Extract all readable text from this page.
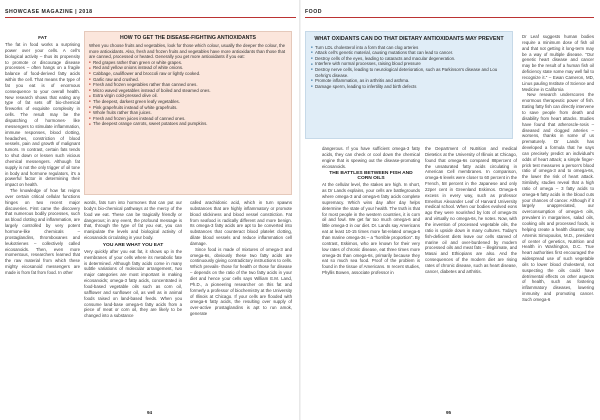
SHOWCASE MAGAZINE | 2018
FAT

The fat in food works a surprising power over your cells. A cell's biological activity – thus its propensity to promote or discourage disease processes – often hangs on a fragile balance of food-derived fatty acids within the cell. That means the type of fat you eat is of enormous consequence to your overall health. New research shows that eating any type of fat sets off bio-chemical fireworks of exquisite complexity in cells. The result may be the dispatching of hormones- like messengers to stimulate inflammation, immune responses, blood clotting, headaches, constriction of blood vessels, pain and growth of malignant tumors. In contrast, certain fats tends to shut down or lessen such vicious chemical messengers. Although fat supply is not the only trigger of oil tone in body and hormone regulators, it's a powerful factor in determining their impact on health.

The knowledge of how fat reigns over certain critical cellular functions hinges on two recent major discoveries. First came the discovery that numerous bodily processes, such as blood clotting and inflammation, are largely controlled by very potent hormone-like chemicals – prostaglandins, thromboxanes and leukotrienes – collectively called eicosanoids. Then, even more momentous, researchers learned that the raw material from which these mighty eicosanoid messengers are made is from fat from food. In other

HOW TO GET THE DISEASE-FIGHTING ANTIOXIDANTS
When you choose fruits and vegetables, look for those which colour, usually the deeper the colour, the more antioxidants. Also, fresh and frozen fruits and vegetables have more antioxidants than those that are canned, processed or heated. Generally you get more antioxidants if you eat:
■ Red grapes rather than green or white grapes.
■ Red and yellow onions instead of white onions.
■ Cabbage, cauliflower and broccoli raw or lightly cooked.
■ Garlic raw and crushed.
■ Fresh and frozen vegetables rather than canned ones.
■ Micro waved vegetables instead of boiled and steamed ones.
■ Extra virgin cold-pressed olive oil.
■ The deepest, darkest green leafy vegetables.
■ Pink grapefruits instead of white grapefruits.
■ Whole fruits rather than juices.
■ Fresh and frozen juices instead of canned ones.
■ The deepest orange carrots, sweet potatoes and pumpkins.

words, fats turn into hormones that can put our body's bio-chemical pathways at the mercy of the food we eat. These can be tragically friendly or dangerous; in any event, the profound message is that, through the type of fat you eat, you can manipulate the levels and biological activity of eicosanoids circulating in your body.

YOU ARE WHAT YOU EAT

Very quickly after you eat fat, it shows up in the membranes of your cells where its metabolic fate is determined. Although fatty acids come in many subtle variations of molecular arrangement, two major categories are most important in making eicosanoids; omega-3 fatty acids, concentrated in food-based vegetable oils such as corn oil, safflower and sunflower oil, as well as in animal foods raised on land-based feeds. When you consume land-base omega-6 fatty acids from a piece of meat or corn oil, they are likely to be changed into a substance

called arachidonic acid, which in turn spawns substances that are highly inflammatory or promote blood stickiness and blood vessel constriction. Fat from seafood is radically different and more benign. Its omega-3 fatty acids are apt to be converted into substances that counteract blood platelet clotting, dilate blood vessels and reduce inflammation cell damage.

Since food is made of mixtures of omega-3 and omega-6s, obviously these two fatty acids are continuously giving contradictory instructions to cells. Which prevails- those for health or those for disease – depends on the ratio of the two fatty acids in your diet and hence your cells says William E.M. Land, Ph.D., a pioneering researcher on this fat and formerly a professor of biochemistry at the University of Illinois at Chicago. If your cells are flooded with omega-6 fatty acids, the resulting over supply of over-active prostaglandins is apt to run amok, generate

94
FOOD
WHAT OXIDANTS CAN DO THAT DIETARY ANTIOXIDANTS MAY PREVENT
■ Turn LDL cholesterol into a form that can clog arteries
■ Attack cell's genetic material, causing mutations that can lead to cancer.
■ Destroy cells of the eyes, leading to cataracts and macular degeneration.
■ Interfere with normal processes, raising blood pressure
■ Destroy nerve cells, leading to neurological deterioration, such as Parkinson's disease and Lou Gehrig's disease.
■ Promote inflammation, as in arthritis and asthma.
■ Damage sperm, leading to infertility and birth defects

dangerous. If you have sufficient omega-3 fatty acids, they can check or cool down the chemical engine that is spewing out the disease-promoting eicosanoids.

THE BATTLES BETWEEN FISH AND CORN OILS

At the cellular level, the stakes are high. In short, as Dr Lands explains, your cells are battlegrounds where omega-3 and omega-6 fatty acids complete supremacy. Which wins day after day helps determine the state of your health. The truth is that for most people in the western countries, it is corn oil and fowl. We get far too much omega-6 and little omega-3 in our diet. Dr. Lands say Americans eat at least 10-15 times more fat-related omega-6 than marine omega-3s – a "horrible proportion". By contrast, Eskimos, who are known for their very low rates of chronic disease, eat three times more omega-3s than omega-6s, primarily because they eat so much sea food. Proof of the problem is found in the tissue of Americans. In recent studies, Phyllis Bowen, associate professor in

the Department of Nutrition and medical Dietetics at the University of Illinois at Chicago, found that omega-6s compared 88percent of the unsaturated fatty acids circulating in American Cell membranes. In comparison, omega-6 levels were closer to 60 percent in the French, 58 percent in the Japanese and only 22per cent in Greenland Eskimos. Omega-6 excess in every way, such as professor Emeritus Alexander Leaf of Harvard University medical school. When our bodies evolved eons ago they were nourished by lots of omega-3s and virtually no omega-6s, he notes. Now, with the invention of processed vegetable oils, the ratio is upside down in many cultures. Today's fish-deficient diets leave our cells starved of marine oil and over-burdened by modern processed oils and meat fats – illegitimate, and Masai and Ethiopians are also. And the consequences of the modern diet are rising rates of chronic disease, such as heart disease, cancer, diabetes and arthritis.

Dr Leaf suggests human bodies require a minimum dose of fish oil and that not getting it long-term may be a way of multiple disease. "Our genetic heart disease and cancer may be the result of a human fish oil deficiency state some may well fail to recognize it." – Ewan Cameron, MD, Linus pauling Institute of Science and Medicine in California

New research underscores the enormous therapeutic power of fish. Eating fatty fish can directly intervene to save people from death and disability from heart attacks. Studies have found that atheroscle-rosis – diseased and clogged arteries – worsens, thanks in some of us prematurely. Dr Lands has developed a formula that he says can precisely predict an individual's odds of heart attack; a simple finger-prick test measures a person's blood ratio of omega-3 and to omega-6s, the lower the risk of heart attack. Similarly, studies reveal that a high ratio of omega – 3 fatty acids to omega-6 fatty acids in the blood cuts your chances of cancer. Although if it largely unappreciated, our overconsumption of omega-6 oils, prevalent in margarines, salad oils, cooking oils and processed foods, is helping create a health disaster, say Artemis Simopoulos, M.D., president of center of genetics, Nutrition and Health in Washington, D.C. True heart authorities first encouraged the widespread use of such vegetable oils to lower blood cholesterol, not suspecting the oils could have detrimental effects on other aspects of health, such as fostering inflammatory diseases, lowering immunity and promoting cancer. Such omega-6

95
